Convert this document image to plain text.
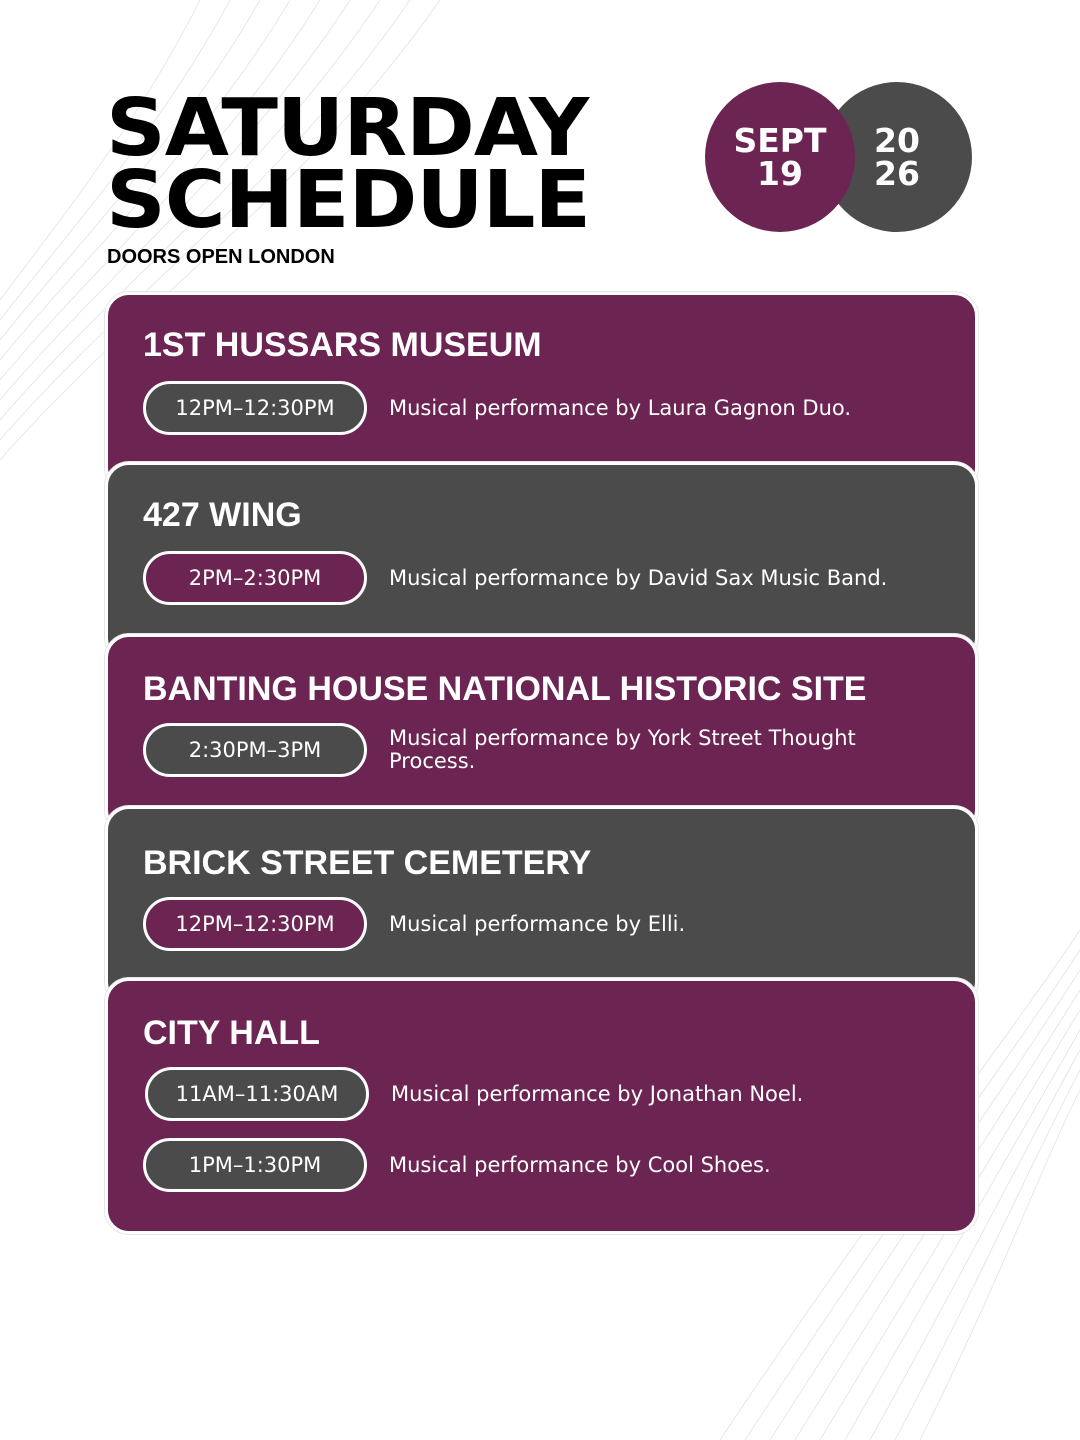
SATURDAY
SCHEDULE
DOORS OPEN LONDON
SEPT
19
20
26
1ST HUSSARS MUSEUM
12PM–12:30PM	Musical performance by Laura Gagnon Duo.
427 WING
2PM–2:30PM	Musical performance by David Sax Music Band.
BANTING HOUSE NATIONAL HISTORIC SITE
2:30PM–3PM	Musical performance by York Street Thought Process.
BRICK STREET CEMETERY
12PM–12:30PM	Musical performance by Elli.
CITY HALL
11AM–11:30AM	Musical performance by Jonathan Noel.
1PM–1:30PM	Musical performance by Cool Shoes.
